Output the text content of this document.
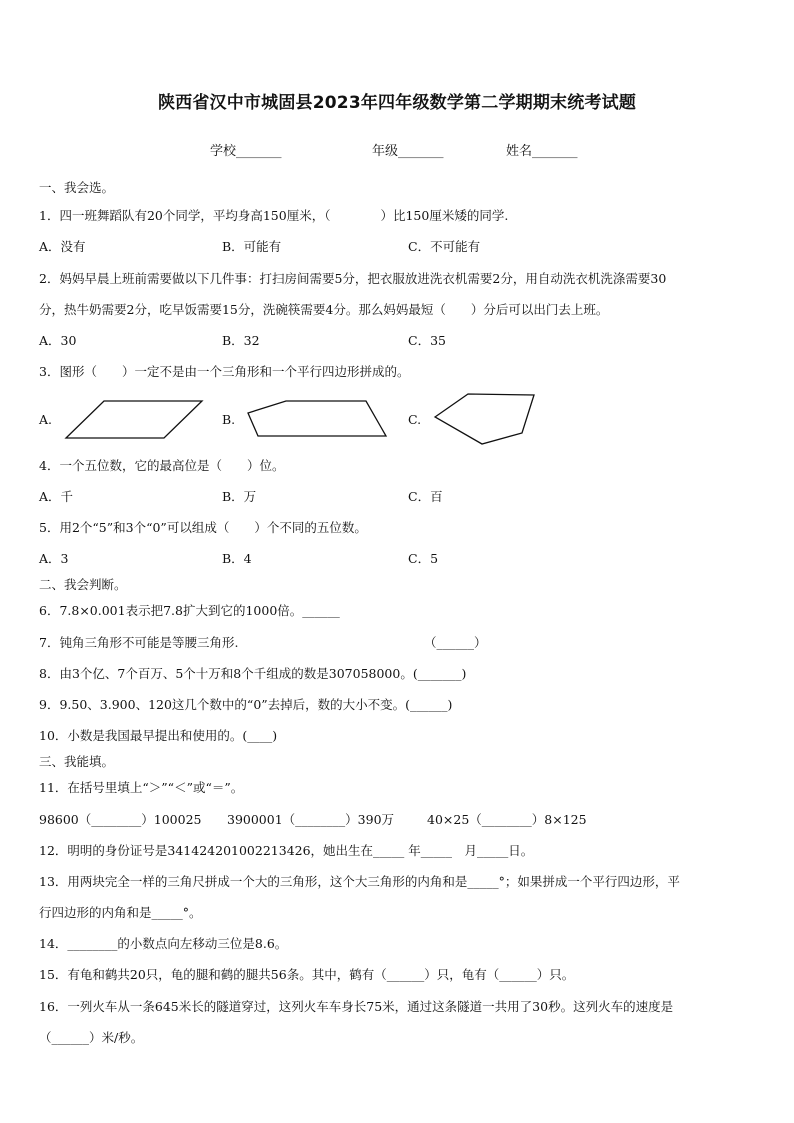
陕西省汉中市城固县2023年四年级数学第二学期期末统考试题
学校_______	年级_______	姓名_______
一、我会选。
1．四一班舞蹈队有20个同学，平均身高150厘米，（　　　　）比150厘米矮的同学.
A．没有	B．可能有	C．不可能有
2．妈妈早晨上班前需要做以下几件事：打扫房间需要5分，把衣服放进洗衣机需要2分，用自动洗衣机洗涤需要30
分，热牛奶需要2分，吃早饭需要15分，洗碗筷需要4分。那么妈妈最短（　　）分后可以出门去上班。
A．30	B．32	C．35
3．图形（　　）一定不是由一个三角形和一个平行四边形拼成的。
A.	B.	C.
4．一个五位数，它的最高位是（　　）位。
A．千	B．万	C．百
5．用2个“5”和3个“0”可以组成（　　）个不同的五位数。
A．3	B．4	C．5
二、我会判断。
6．7.8×0.001表示把7.8扩大到它的1000倍。______
7．钝角三角形不可能是等腰三角形.	（______）
8．由3个亿、7个百万、5个十万和8个千组成的数是307058000。(_______)
9．9.50、3.900、120这几个数中的“0”去掉后，数的大小不变。(______)
10．小数是我国最早提出和使用的。(____)
三、我能填。
11．在括号里填上“＞”“＜”或“＝”。
98600（________）100025 3900001（________）390万	40×25（________）8×125
12．明明的身份证号是341424201002213426，她出生在_____ 年_____　月_____日。
13．用两块完全一样的三角尺拼成一个大的三角形，这个大三角形的内角和是_____°；如果拼成一个平行四边形，平
行四边形的内角和是_____°。
14．________的小数点向左移动三位是8.6。
15．有龟和鹤共20只，龟的腿和鹤的腿共56条。其中，鹤有（______）只，龟有（______）只。
16．一列火车从一条645米长的隧道穿过，这列火车车身长75米，通过这条隧道一共用了30秒。这列火车的速度是
（______）米/秒。
